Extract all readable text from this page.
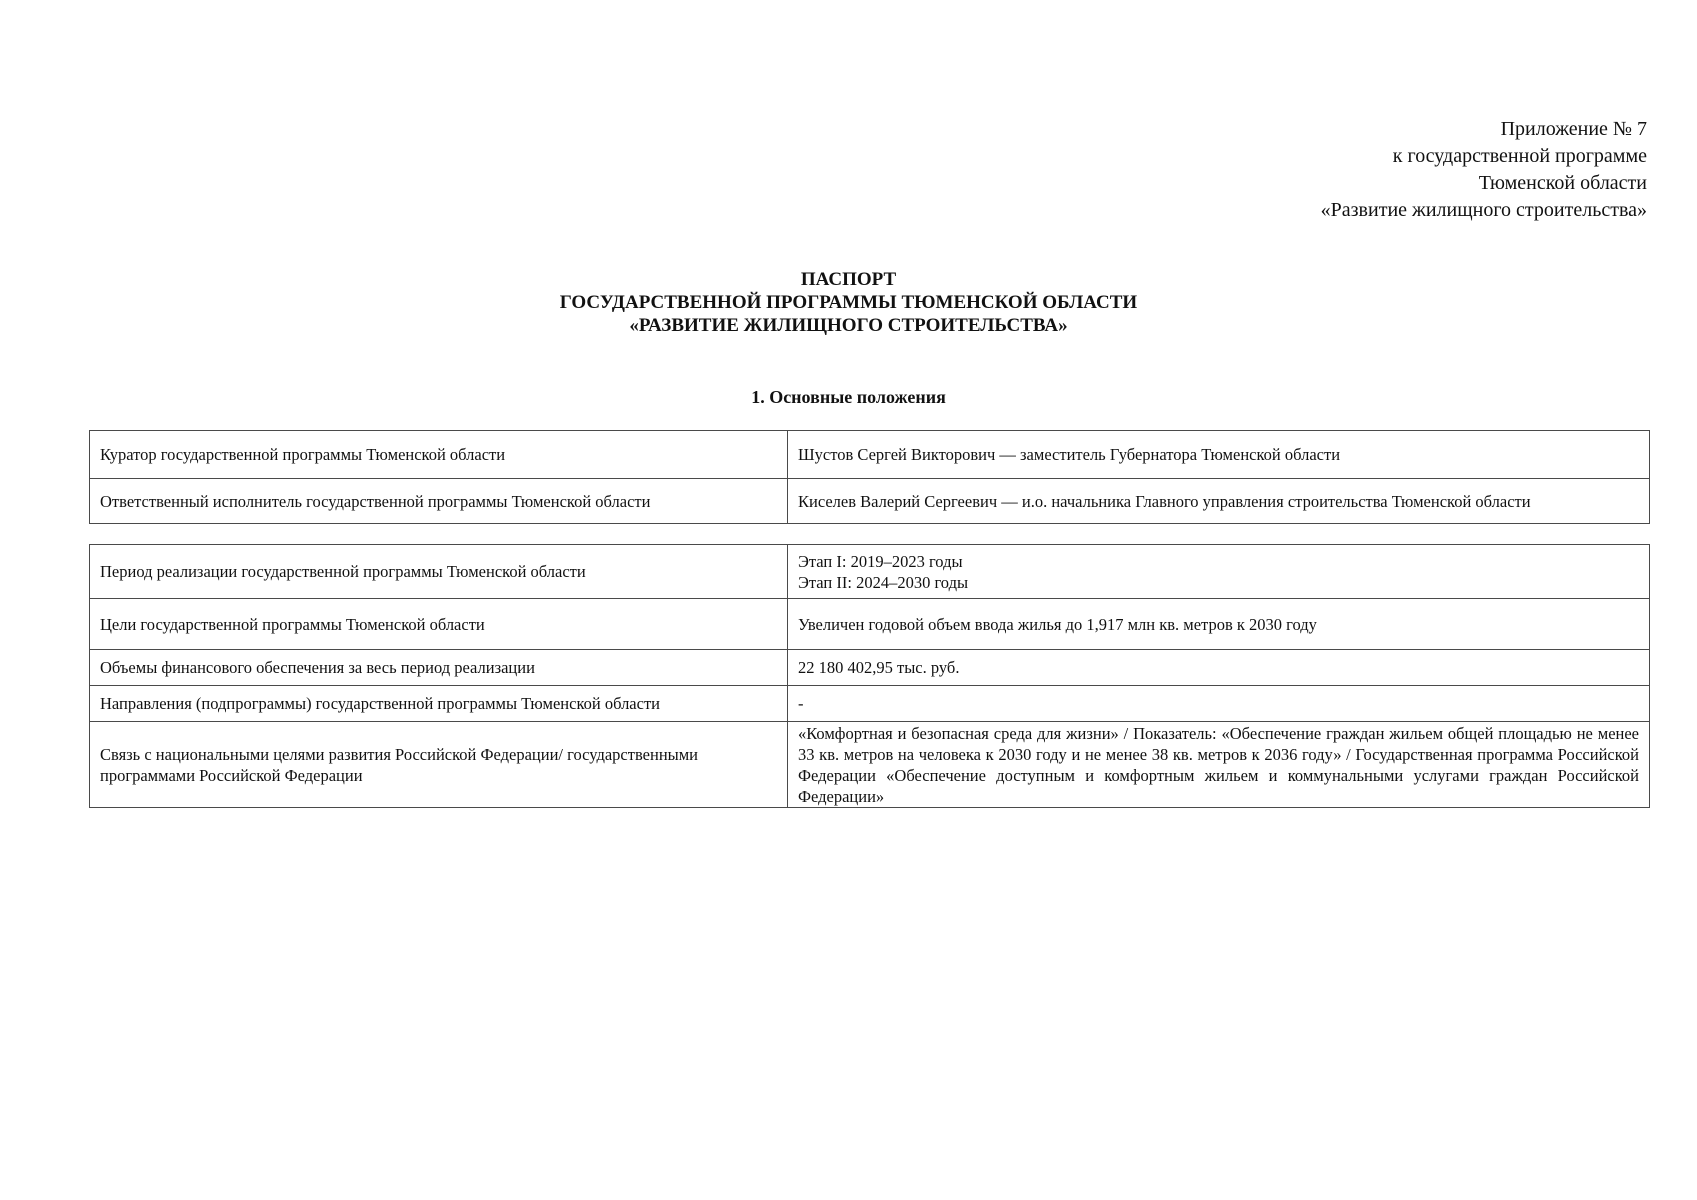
Приложение № 7
к государственной программе
Тюменской области
«Развитие жилищного строительства»
ПАСПОРТ
ГОСУДАРСТВЕННОЙ ПРОГРАММЫ ТЮМЕНСКОЙ ОБЛАСТИ
«РАЗВИТИЕ ЖИЛИЩНОГО СТРОИТЕЛЬСТВА»
1. Основные положения
Куратор государственной программы Тюменской области	Шустов Сергей Викторович — заместитель Губернатора Тюменской области
Ответственный исполнитель государственной программы Тюменской области	Киселев Валерий Сергеевич — и.о. начальника Главного управления строительства Тюменской области
Период реализации государственной программы Тюменской области	Этап I: 2019–2023 годы
Этап II: 2024–2030 годы

Цели государственной программы Тюменской области	Увеличен годовой объем ввода жилья до 1,917 млн кв. метров к 2030 году
Объемы финансового обеспечения за весь период реализации	22 180 402,95 тыс. руб.
Направления (подпрограммы) государственной программы Тюменской области	-
Связь с национальными целями развития Российской Федерации/ государственными программами Российской Федерации	«Комфортная и безопасная среда для жизни» / Показатель: «Обеспечение граждан жильем общей площадью не менее 33 кв. метров на человека к 2030 году и не менее 38 кв. метров к 2036 году» / Государственная программа Российской Федерации «Обеспечение доступным и комфортным жильем и коммунальными услугами граждан Российской Федерации»
